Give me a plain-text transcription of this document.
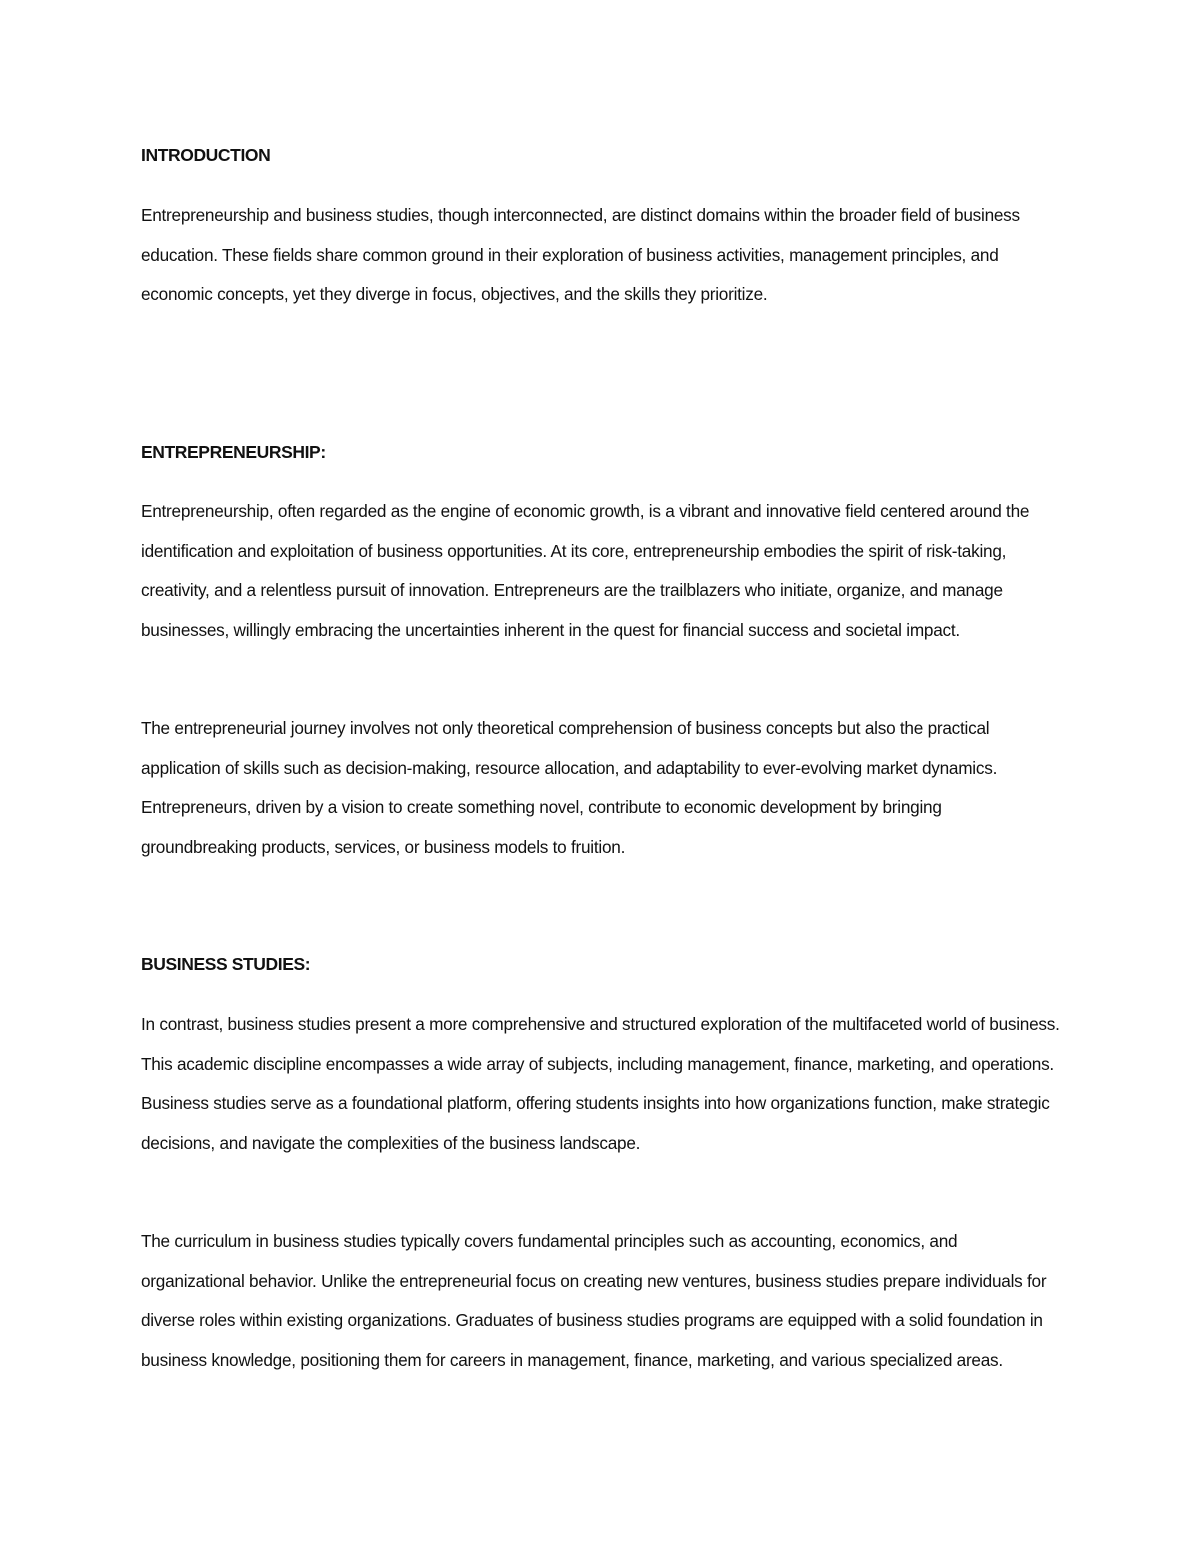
INTRODUCTION

Entrepreneurship and business studies, though interconnected, are distinct domains within the broader field of business education. These fields share common ground in their exploration of business activities, management principles, and economic concepts, yet they diverge in focus, objectives, and the skills they prioritize.

ENTREPRENEURSHIP:

Entrepreneurship, often regarded as the engine of economic growth, is a vibrant and innovative field centered around the identification and exploitation of business opportunities. At its core, entrepreneurship embodies the spirit of risk-taking, creativity, and a relentless pursuit of innovation. Entrepreneurs are the trailblazers who initiate, organize, and manage businesses, willingly embracing the uncertainties inherent in the quest for financial success and societal impact.

The entrepreneurial journey involves not only theoretical comprehension of business concepts but also the practical application of skills such as decision-making, resource allocation, and adaptability to ever-evolving market dynamics. Entrepreneurs, driven by a vision to create something novel, contribute to economic development by bringing groundbreaking products, services, or business models to fruition.

BUSINESS STUDIES:

In contrast, business studies present a more comprehensive and structured exploration of the multifaceted world of business. This academic discipline encompasses a wide array of subjects, including management, finance, marketing, and operations. Business studies serve as a foundational platform, offering students insights into how organizations function, make strategic decisions, and navigate the complexities of the business landscape.

The curriculum in business studies typically covers fundamental principles such as accounting, economics, and organizational behavior. Unlike the entrepreneurial focus on creating new ventures, business studies prepare individuals for diverse roles within existing organizations. Graduates of business studies programs are equipped with a solid foundation in business knowledge, positioning them for careers in management, finance, marketing, and various specialized areas.
